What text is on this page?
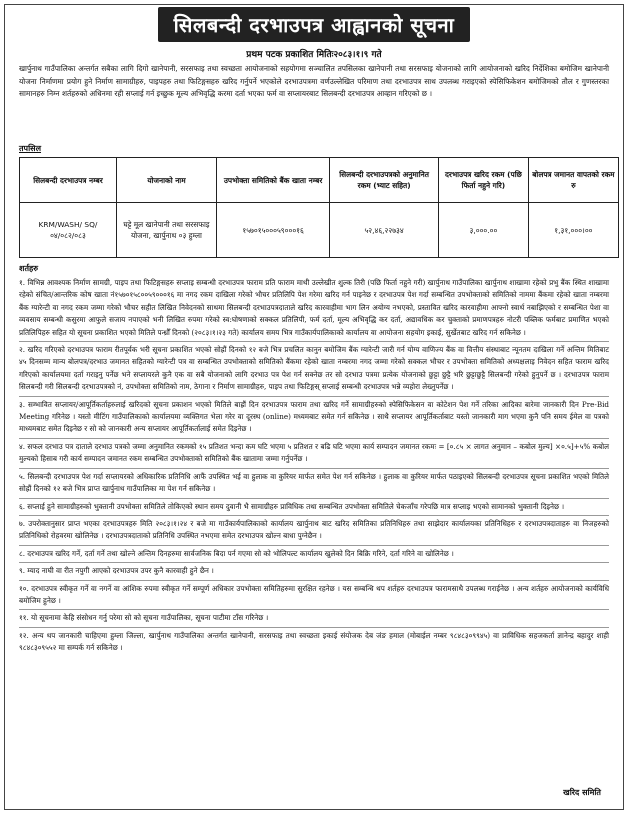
सिलबन्दी दरभाउपत्र आह्वानको सूचना
प्रथम पटक प्रकाशित मितिः२०८३।१।९ गते
खार्पुनाथ गाउँपालिका अन्तर्गत सबैका लागि दिगो खानेपानी, सरसफाइ तथा स्वच्छता आयोजनाको सहयोगमा सञ्चालित तपसिलका खानेपानी तथा सरसफाइ योजनाको लागि आयोजनाको खरिद निर्देशिका बमोजिम खानेपानी योजना निर्माणमा प्रयोग हुने निर्माण सामाग्रीहरु, पाइपहरु तथा फिटिङ्गसहरु खरिद गर्नुपर्ने भएकोले दरभाउपत्रमा वर्णउल्लेखित परिमाण तथा दरभाउपत्र साथ उपलब्ध गराइएको स्पेसिफिकेशन बमोजिमको तौल र गुणस्तरका सामानहरु निम्न शर्तहरुको अधिनमा रही सप्लाई गर्न इच्छुक मूल्य अभिवृद्धि करमा दर्ता भएका फर्म वा सप्लायरबाट सिलबन्दी दरभाउपत्र आव्हान गरिएको छ ।
तपसिल
सिलबन्दी दरभाउपत्र नम्बर	योजनाको नाम	उपभोक्ता समितिको बैंक खाता नम्बर	सिलबन्दी दरभाउपत्रको अनुमानित रकम (भ्याट सहित)	दरभाउपत्र खरिद रकम (पछि फिर्ता नहुने गरि)	बोलपत्र जमानत वापतको रकम रु
KRM/WASH/ SQ/०४/०८२/०८३	घट्टे मूल खानेपानी तथा सरसफाइ योजना, खार्पुनाथ ०३ हुम्ला	१५७०१५०००५९०००१६	५२,४६,२२७३४	३,०००.००	१,३१,०००।००
शर्तहरु
१. विभिन्न आवश्यक निर्माण सामग्री, पाइप तथा फिटिङ्गसहरु सप्लाइ सम्बन्धी दरभाउपत्र फाराम प्रति फाराम माथी उल्लेखीत शुल्क तिरी (पछि फिर्ता नहुने गरी) खार्पुनाथ गाउँपालिका खार्पुनाथ शाखामा रहेको प्रभु बैंक स्थित शाखामा रहेको संचित/आन्तरिक कोष खाता नं१५७०१५८००५९०००१६ मा नगद रकम दाखिला गरेको भौचर प्रतिलिपि पेश गरेमा खरिद गर्न पाइनेछ र दरभाउपत्र पेश गर्दा सम्बन्धित उपभोक्ताको समितिको नाममा बैंकमा रहेको खाता नम्बरमा बैंक ग्यारेन्टी वा नगद रकम जम्मा गरेको भौचर सहीत लिखित निवेदनको साथमा सिलबन्दी दरभाउपत्रदाताले खरिद कारवाहीमा भाग लिन अयोग्य नभएको, प्रस्तावित खरिद कारवाहीमा आफ्नो स्वार्थ नबाझिएको र सम्बन्धित पेशा वा व्यवसाय सम्बन्धी कसुरमा आफुले सजाय नपाएको भनी लिखित रुपमा गरेको स्व:घोषणाको सक्कल प्रतिलिपी, फर्म दर्ता, मूल्य अभिवृद्धि कर दर्ता, अद्यावधिक कर चुक्ताको प्रमाणपत्रहरु नोटरी पब्लिक फर्मबाट प्रमाणित भएको प्रतिलिपिहरु सहित यो सूचना प्रकाशित भएको मितिले पन्ध्रौँ दिनको (२०८३।१।२३ गते) कार्यालय समय भित्र गाउँकार्यपालिकाको कार्यालय वा आयोजना सहयोग इकाई, सुर्खेतबाट खरिद गर्न सकिनेछ ।
२. खरिद गरिएको दरभाउपत्र फाराम रीतपूर्वक भरी सूचना प्रकाशित भएको सोह्रौं दिनको १२ बजे भित्र प्रचलित कानुन बमोजिम बैंक ग्यारेन्टी जारी गर्न योग्य वाणिज्य बैंक वा वित्तीय संस्थाबाट न्यूनतम दाखिला गर्ने अन्तिम मितिबाट ४५ दिनसम्म मान्य बोलपत्र/दरभाउ जमानत सहितको ग्यारेन्टी पत्र वा सम्बन्धित उपभोक्ताको समितिको बैंकमा रहेको खाता नम्बरमा नगद जम्मा गरेको सक्कल भौचर र उपभोक्ता समितिको अध्यक्षलाइ निवेदन सहित फाराम खरिद गरिएको कार्यालयमा दर्ता गराइनु पर्नेछ भने सप्लायरले कुनै एक वा सबै योजनाको लागि दरभाउ पत्र पेश गर्न सक्नेछ तर सो दरभाउ पत्रमा प्रत्येक योजनाको छुट्टा छुट्टै भरि छुट्टाछुट्टै सिलबन्दी गरेको हुनुपर्ने छ । दरभाउपत्र फाराम सिलबन्दी गरी सिलबन्दी दरभाउपत्रको नं, उपभोक्ता समितिको नाम, ठेगाना र निर्माण सामाग्रीहरु, पाइप तथा फिटिङ्गस् सप्लाई सम्बन्धी दरभाउपत्र भन्ने व्यहोरा लेख्नुपर्नेछ ।
३. सम्भावित सप्लायर/आपूर्तिकर्ताहरुलाई खरिदको सूचना प्रकाशन भएको मितिले बाह्रौं दिन दरभाउपत्र फाराम तथा खरिद गर्ने सामाग्रीहरुको स्पेसिफिकेसन वा कोटेशन पेश गर्ने तरिका आदिका बारेमा जानकारी दिन Pre-Bid Meeting गरिनेछ । यस्तो मीटिंग गाउँपालिकाको कार्यालयमा व्यक्तिगत भेला गरेर वा दूरस्थ (online) मध्यमबाट समेत गर्न सकिनेछ । साथै सप्लायर आपूर्तिकर्ताबाट यस्तो जानकारी माग भएमा कुनै पनि समय ईमेल वा पत्रको माध्यमबाट समेत दिइनेछ र सो को जानकारी अन्य सप्लायर आपूर्तिकर्तालाई समेत दिइनेछ ।
४. सफल दरभाउ पत्र दाताले दरभाउ पत्रको जम्मा अनुमानित रकमको १५ प्रतिशत भन्दा कम घटि भएमा ५ प्रतिशत र बढि घटि भएमा कार्य सम्पादन जमानत रकमः = [०.८५ × लागत अनुमान – कबोल मुल्य] ×०.५]+५% कबोल मुल्यको हिसाब गरी कार्य सम्पादन जमानत रकम सम्बन्धित उपभोक्ताको समितिको बैंक खातामा जम्मा गर्नुपर्नेछ ।
५. सिलबन्दी दरभाउपत्र पेश गर्दा सप्लायरको अधिकारिक प्रतिनिधि आफैं उपस्थित भई वा हुलाक वा कुरियर मार्फत समेत पेश गर्न सकिनेछ । हुलाक वा कुरियर मार्फत पठाइएको सिलबन्दी दरभाउपत्र सूचना प्रकाशित भएको मितिले सोह्रौं दिनको १२ बजे भित्र प्राप्त खार्पुनाथ गाउँपालिका मा पेश गर्न सकिनेछ ।
६. सप्लाई हुने सामाग्रीहरुको भुक्तानी उपभोक्ता समितिले तोकिएको स्थान समय दुवानी भै सामाग्रीहरु प्राविधिक तथा सम्बन्धित उपभोक्ता समितिले चेकजाँच गरेपछि मात्र सप्लाइ भएको सामानको भुक्तानी दिइनेछ ।
७. उपरोक्तानुसार प्राप्त भएका दरभाउपत्रहरु मिति २०८३।१।२४ र बजे मा गाउँकार्यपालिकाको कार्यालय खार्पुनाथ बाट खरिद समितिका प्रतिनिधिहरु तथा साझेदार कार्यालयका प्रतिनिधिहरु र दरभाउपत्रदाताहरु वा निजहरुको प्रतिनिधिको रोहवरमा खोलिनेछ । दरभाउपत्रदाताको प्रतिनिधि उपस्थित नभएमा समेत दरभाउपत्र खोल्न बाधा पुग्नेछैन ।
८. दरभाउपत्र खरिद गर्ने, दर्ता गर्ने तथा खोल्ने अन्तिम दिनहरुमा सार्वजनिक बिदा पर्न गएमा सो को भोलिपल्ट कार्यालय खुलेको दिन बिक्रि गरिने, दर्ता गरिने वा खोलिनेछ ।
९. म्याद नाघी वा रीत नपुगी आएको दरभाउपत्र उपर कुनै कारवाही हुने छैन ।
१०. दरभाउपत्र स्वीकृत गर्ने वा नगर्ने वा आंशिक रुपमा स्वीकृत गर्ने सम्पूर्ण अधिकार उपभोक्ता समितिहरुमा सुरक्षित रहनेछ । यस सम्बन्धि थप शर्तहरु दरभाउपत्र फारामसाथै उपलब्ध गराईनेछ । अन्य शर्तहरु आयोजनाको कार्यविधि बमोजिम हुनेछ ।
११. यो सूचनामा केहि संसोधन गर्नु परेमा सो को सूचना गाउँपालिका, सूचना पाटीमा टाँस गरिनेछ ।
१२. अन्य थप जानकारी चाहिएमा हुम्ला जिल्ला, खार्पुनाथ गाउँपालिका अन्तर्गत खानेपानी, सरसफाइ तथा स्वच्छता इकाई संयोजक देब जंङ हमाल (मोबाईल नम्बर ९८४८३०९९४५) वा प्राविधिक सहजकर्ता ज्ञानेन्द्र बहादुर शाही ९८४८३०९५५२ मा सम्पर्क गर्न सकिनेछ ।
खरिद समिति
